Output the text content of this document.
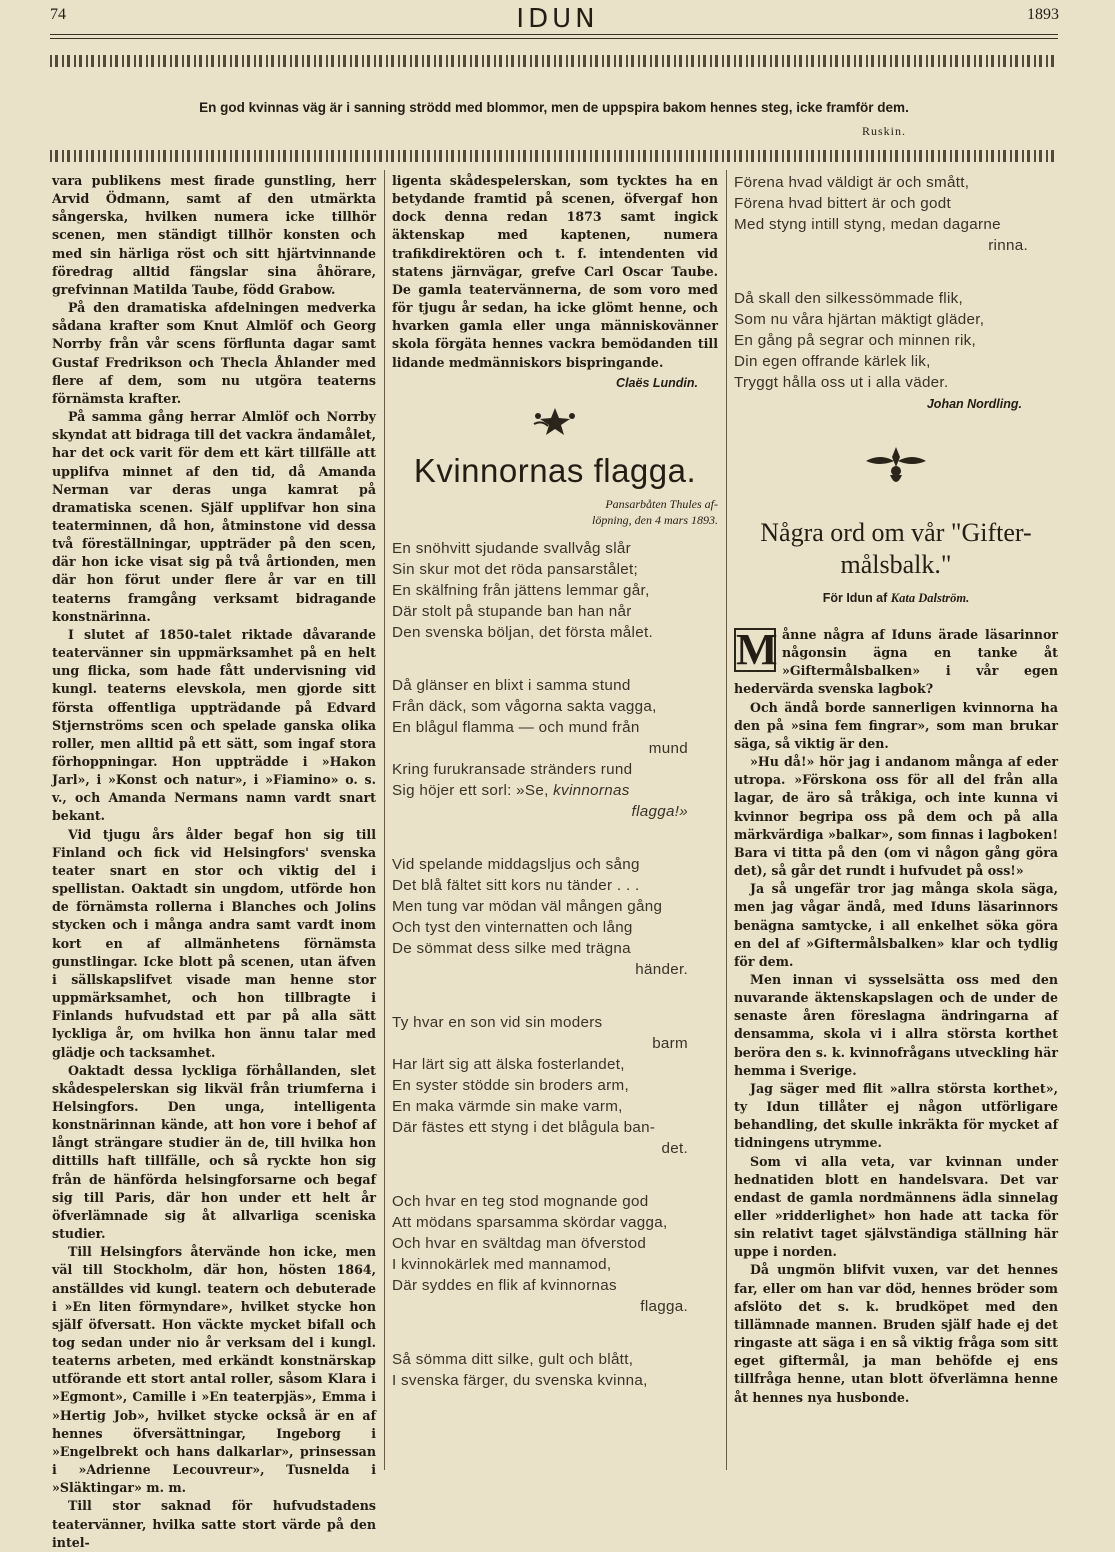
74	IDUN	1893
En god kvinnas väg är i sanning strödd med blommor, men de uppspira bakom hennes steg, icke framför dem.
Ruskin.

vara publikens mest firade gunstling, herr Arvid Ödmann, samt af den utmärkta sångerska, hvilken numera icke tillhör scenen, men ständigt tillhör konsten och med sin härliga röst och sitt hjärtvinnande föredrag alltid fängslar sina åhörare, grefvinnan Matilda Taube, född Grabow.

På den dramatiska afdelningen medverka sådana krafter som Knut Almlöf och Georg Norrby från vår scens förflunta dagar samt Gustaf Fredrikson och Thecla Åhlander med flere af dem, som nu utgöra teaterns förnämsta krafter.

På samma gång herrar Almlöf och Norrby skyndat att bidraga till det vackra ändamålet, har det ock varit för dem ett kärt tillfälle att upplifva minnet af den tid, då Amanda Nerman var deras unga kamrat på dramatiska scenen. Själf upplifvar hon sina teaterminnen, då hon, åtminstone vid dessa två föreställningar, uppträder på den scen, där hon icke visat sig på två årtionden, men där hon förut under flere år var en till teaterns framgång verksamt bidragande konstnärinna.

I slutet af 1850-talet riktade dåvarande teatervänner sin uppmärksamhet på en helt ung flicka, som hade fått undervisning vid kungl. teaterns elevskola, men gjorde sitt första offentliga uppträdande på Edvard Stjernströms scen och spelade ganska olika roller, men alltid på ett sätt, som ingaf stora förhoppningar. Hon uppträdde i »Hakon Jarl», i »Konst och natur», i »Fiamino» o. s. v., och Amanda Nermans namn vardt snart bekant.

Vid tjugu års ålder begaf hon sig till Finland och fick vid Helsingfors' svenska teater snart en stor och viktig del i spellistan. Oaktadt sin ungdom, utförde hon de förnämsta rollerna i Blanches och Jolins stycken och i många andra samt vardt inom kort en af allmänhetens förnämsta gunstlingar. Icke blott på scenen, utan äfven i sällskapslifvet visade man henne stor uppmärksamhet, och hon tillbragte i Finlands hufvudstad ett par på alla sätt lyckliga år, om hvilka hon ännu talar med glädje och tacksamhet.

Oaktadt dessa lyckliga förhållanden, slet skådespelerskan sig likväl från triumferna i Helsingfors. Den unga, intelligenta konstnärinnan kände, att hon vore i behof af långt strängare studier än de, till hvilka hon dittills haft tillfälle, och så ryckte hon sig från de hänförda helsingforsarne och begaf sig till Paris, där hon under ett helt år öfverlämnade sig åt allvarliga sceniska studier.

Till Helsingfors återvände hon icke, men väl till Stockholm, där hon, hösten 1864, anställdes vid kungl. teatern och debuterade i »En liten förmyndare», hvilket stycke hon själf öfversatt. Hon väckte mycket bifall och tog sedan under nio år verksam del i kungl. teaterns arbeten, med erkändt konstnärskap utförande ett stort antal roller, såsom Klara i »Egmont», Camille i »En teaterpjäs», Emma i »Hertig Job», hvilket stycke också är en af hennes öfversättningar, Ingeborg i »Engelbrekt och hans dalkarlar», prinsessan i »Adrienne Lecouvreur», Tusnelda i »Släktingar» m. m.

Till stor saknad för hufvudstadens teatervänner, hvilka satte stort värde på den intel-

ligenta skådespelerskan, som tycktes ha en betydande framtid på scenen, öfvergaf hon dock denna redan 1873 samt ingick äktenskap med kaptenen, numera trafikdirektören och t. f. intendenten vid statens järnvägar, grefve Carl Oscar Taube. De gamla teatervännerna, de som voro med för tjugu år sedan, ha icke glömt henne, och hvarken gamla eller unga människovänner skola förgäta hennes vackra bemödanden till lidande medmänniskors bispringande.

Claës Lundin.
Kvinnornas flagga.
Pansarbåten Thules af-
löpning, den 4 mars 1893.
En snöhvitt sjudande svallvåg slår
Sin skur mot det röda pansarstålet;
En skälfning från jättens lemmar går,
Där stolt på stupande ban han når
Den svenska böljan, det första målet.
Då glänser en blixt i samma stund
Från däck, som vågorna sakta vagga,
En blågul flamma — och mund från
mund
Kring furukransade stränders rund
Sig höjer ett sorl: »Se, kvinnornas
flagga!»
Vid spelande middagsljus och sång
Det blå fältet sitt kors nu tänder . . .
Men tung var mödan väl mången gång
Och tyst den vinternatten och lång
De sömmat dess silke med trägna
händer.
Ty hvar en son vid sin moders
barm
Har lärt sig att älska fosterlandet,
En syster stödde sin broders arm,
En maka värmde sin make varm,
Där fästes ett styng i det blågula ban-
det.
Och hvar en teg stod mognande god
Att mödans sparsamma skördar vagga,
Och hvar en svältdag man öfverstod
I kvinnokärlek med mannamod,
Där syddes en flik af kvinnornas
flagga.
Så sömma ditt silke, gult och blått,
I svenska färger, du svenska kvinna,
Förena hvad väldigt är och smått,
Förena hvad bittert är och godt
Med styng intill styng, medan dagarne
rinna.
Då skall den silkessömmade flik,
Som nu våra hjärtan mäktigt gläder,
En gång på segrar och minnen rik,
Din egen offrande kärlek lik,
Tryggt hålla oss ut i alla väder.
Johan Nordling.
Några ord om vår "Gifter-
målsbalk."
För Idun af Kata Dalström.

M ånne några af Iduns ärade läsarinnor någonsin ägna en tanke åt »Giftermålsbalken» i vår egen hedervärda svenska lagbok?

Och ändå borde sannerligen kvinnorna ha den på »sina fem fingrar», som man brukar säga, så viktig är den.

»Hu då!» hör jag i andanom många af eder utropa. »Förskona oss för all del från alla lagar, de äro så tråkiga, och inte kunna vi kvinnor begripa oss på dem och på alla märkvärdiga »balkar», som finnas i lagboken! Bara vi titta på den (om vi någon gång göra det), så går det rundt i hufvudet på oss!»

Ja så ungefär tror jag många skola säga, men jag vågar ändå, med Iduns läsarinnors benägna samtycke, i all enkelhet söka göra en del af »Giftermålsbalken» klar och tydlig för dem.

Men innan vi sysselsätta oss med den nuvarande äktenskapslagen och de under de senaste åren föreslagna ändringarna af densamma, skola vi i allra största korthet beröra den s. k. kvinnofrågans utveckling här hemma i Sverige.

Jag säger med flit »allra största korthet», ty Idun tillåter ej någon utförligare behandling, det skulle inkräkta för mycket af tidningens utrymme.

Som vi alla veta, var kvinnan under hednatiden blott en handelsvara. Det var endast de gamla nordmännens ädla sinnelag eller »ridderlighet» hon hade att tacka för sin relativt taget självständiga ställning här uppe i norden.

Då ungmön blifvit vuxen, var det hennes far, eller om han var död, hennes bröder som afslöto det s. k. brudköpet med den tillämnade mannen. Bruden själf hade ej det ringaste att säga i en så viktig fråga som sitt eget giftermål, ja man behöfde ej ens tillfråga henne, utan blott öfverlämna henne åt hennes nya husbonde.
